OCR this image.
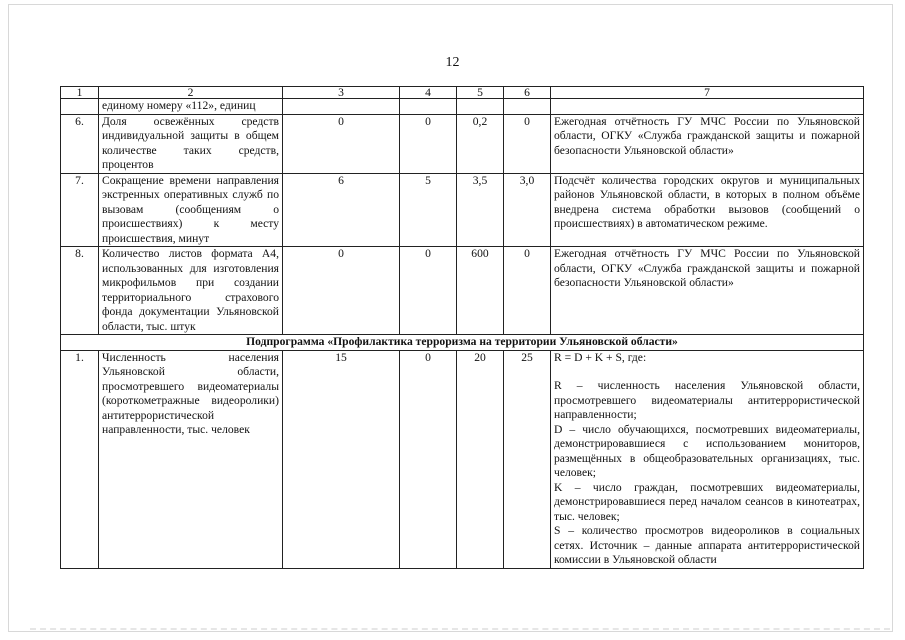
12
1	2	3	4	5	6	7
	единому номеру «112», единиц					
6.	Доля освежённых средств индивидуальной защиты в общем количестве таких средств, процентов	0	0	0,2	0	Ежегодная отчётность ГУ МЧС России по Ульяновской области, ОГКУ «Служба гражданской защиты и пожарной безопасности Ульяновской области»
7.	Сокращение времени направления экстренных оперативных служб по вызовам (сообщениям о происшествиях) к месту происшествия, минут	6	5	3,5	3,0	Подсчёт количества городских округов и муниципальных районов Ульяновской области, в которых в полном объёме внедрена система обработки вызовов (сообщений о происшествиях) в автоматическом режиме.
8.	Количество листов формата А4, использованных для изготовления микрофильмов при создании территориального страхового фонда документации Ульяновской области, тыс. штук	0	0	600	0	Ежегодная отчётность ГУ МЧС России по Ульяновской области, ОГКУ «Служба гражданской защиты и пожарной безопасности Ульяновской области»
Подпрограмма «Профилактика терроризма на территории Ульяновской области»						
1.	Численность населения Ульяновской области, просмотревшего видеоматериалы (короткометражные видеоролики) антитеррористической направленности, тыс. человек	15	0	20	25	R = D + K + S, где:
R – численность населения Ульяновской области, просмотревшего видеоматериалы антитеррористической направленности;
D – число обучающихся, посмотревших видеоматериалы, демонстрировавшиеся с использованием мониторов, размещённых в общеобразовательных организациях, тыс. человек;
K – число граждан, посмотревших видеоматериалы, демонстрировавшиеся перед началом сеансов в кинотеатрах, тыс. человек;
S – количество просмотров видеороликов в социальных сетях. Источник – данные аппарата антитеррористической комиссии в Ульяновской области
